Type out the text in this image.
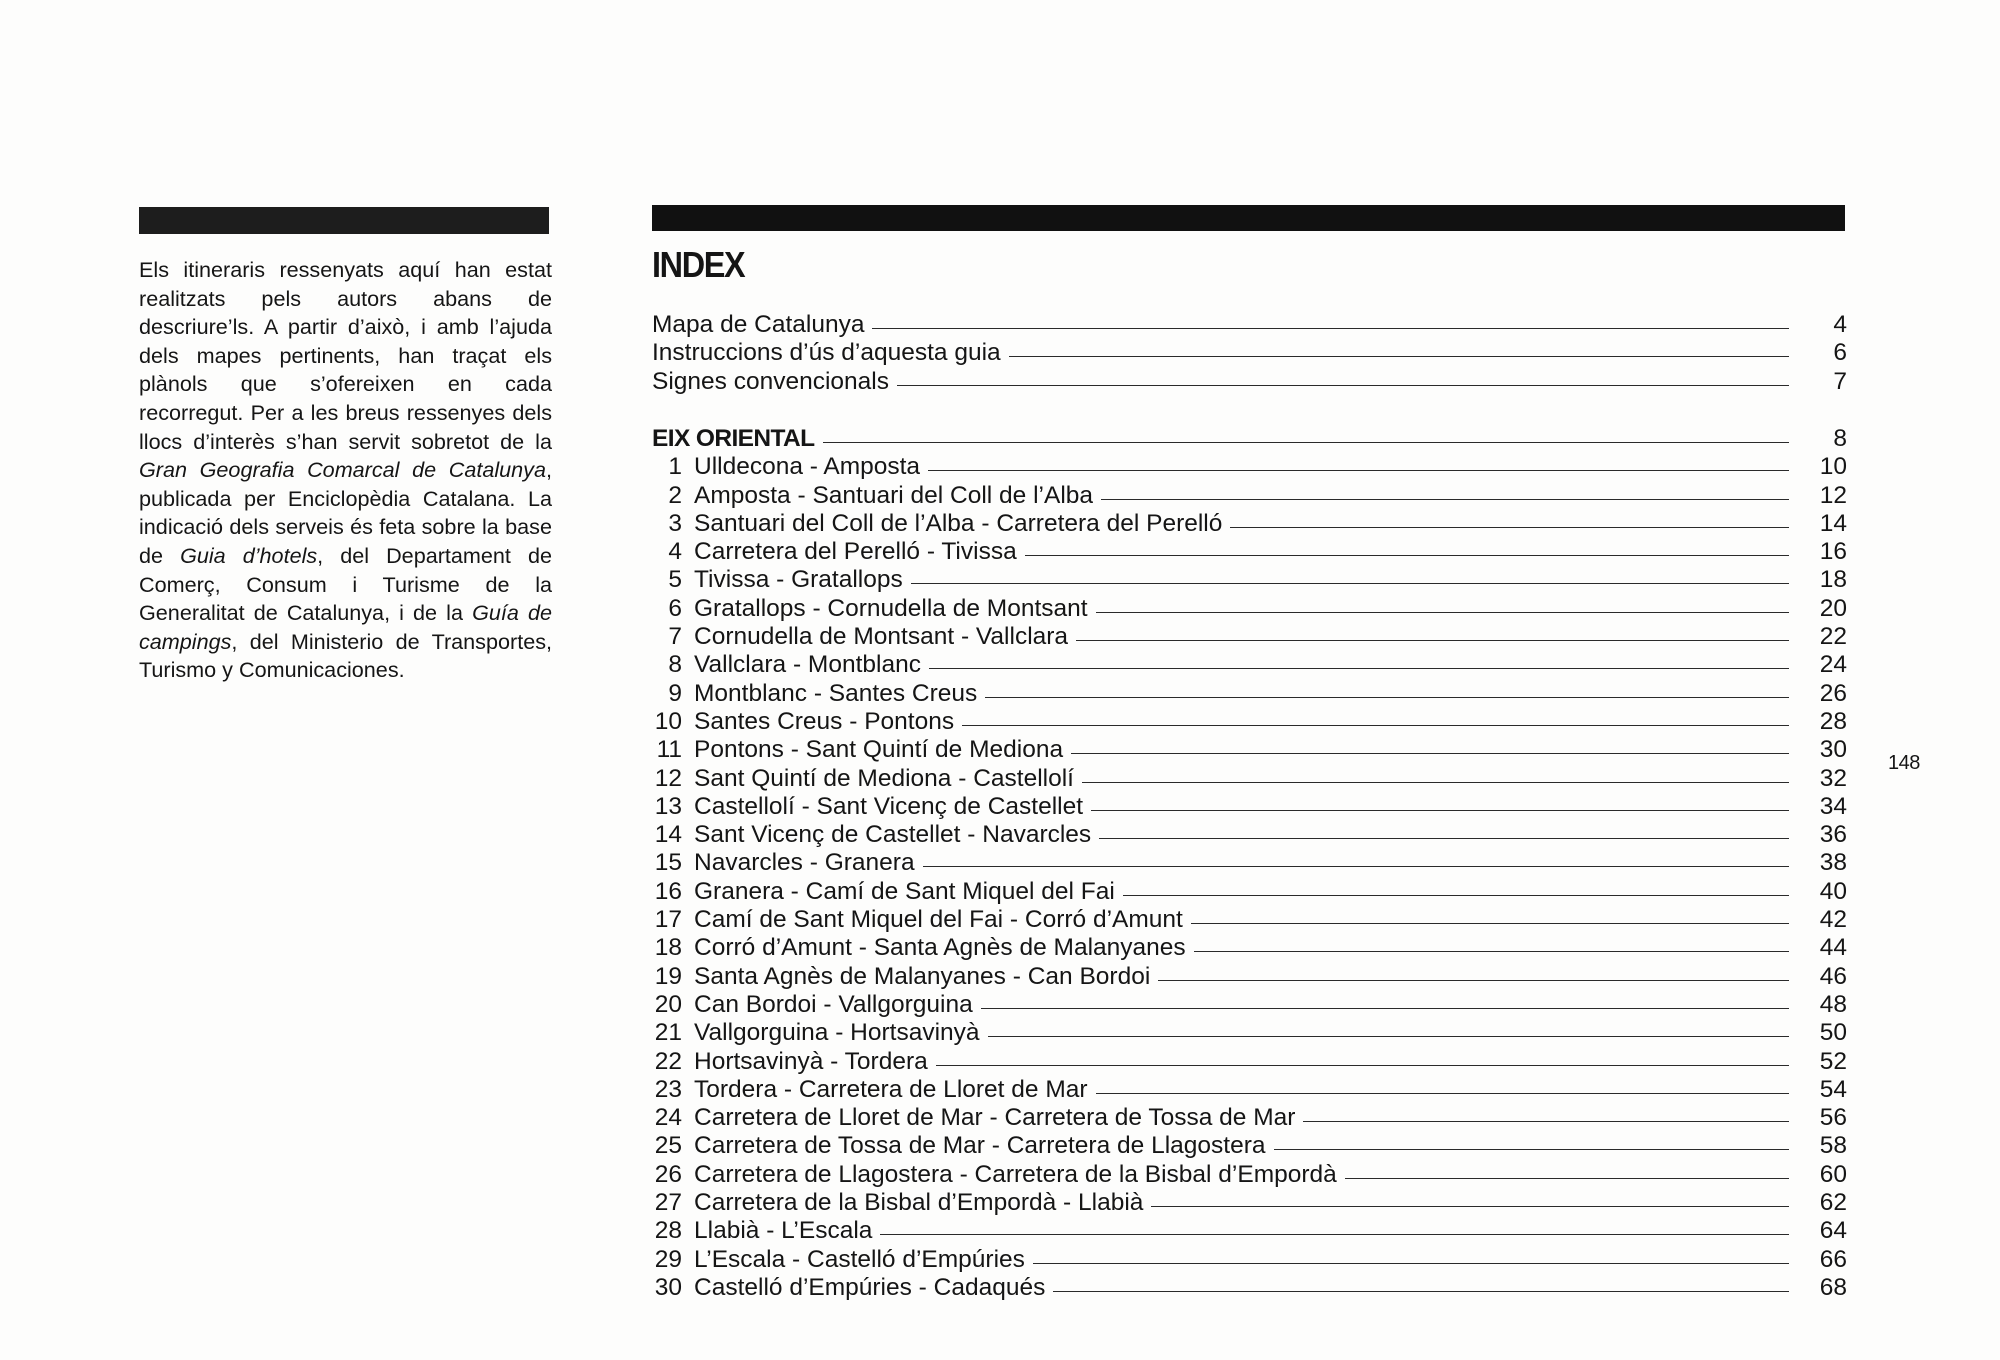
Els itineraris ressenyats aquí han estat realitzats pels autors abans de descriure’ls. A partir d’això, i amb l’ajuda dels mapes pertinents, han traçat els plànols que s’ofereixen en cada recorregut. Per a les breus ressenyes dels llocs d’interès s’han servit sobretot de la Gran Geografia Comarcal de Catalunya, publicada per Enciclopèdia Catalana. La indicació dels serveis és feta sobre la base de Guia d’hotels, del Departament de Comerç, Consum i Turisme de la Generalitat de Catalunya, i de la Guía de campings, del Ministerio de Transportes, Turismo y Comunicaciones.

INDEX
Mapa de Catalunya	4
Instruccions d’ús d’aquesta guia	6
Signes convencionals	7
EIX ORIENTAL	8
1 Ulldecona - Amposta	10
2 Amposta - Santuari del Coll de l’Alba	12
3 Santuari del Coll de l’Alba - Carretera del Perelló	14
4 Carretera del Perelló - Tivissa	16
5 Tivissa - Gratallops	18
6 Gratallops - Cornudella de Montsant	20
7 Cornudella de Montsant - Vallclara	22
8 Vallclara - Montblanc	24
9 Montblanc - Santes Creus	26
10 Santes Creus - Pontons	28
11 Pontons - Sant Quintí de Mediona	30
12 Sant Quintí de Mediona - Castellolí	32
13 Castellolí - Sant Vicenç de Castellet	34
14 Sant Vicenç de Castellet - Navarcles	36
15 Navarcles - Granera	38
16 Granera - Camí de Sant Miquel del Fai	40
17 Camí de Sant Miquel del Fai - Corró d’Amunt	42
18 Corró d’Amunt - Santa Agnès de Malanyanes	44
19 Santa Agnès de Malanyanes - Can Bordoi	46
20 Can Bordoi - Vallgorguina	48
21 Vallgorguina - Hortsavinyà	50
22 Hortsavinyà - Tordera	52
23 Tordera - Carretera de Lloret de Mar	54
24 Carretera de Lloret de Mar - Carretera de Tossa de Mar	56
25 Carretera de Tossa de Mar - Carretera de Llagostera	58
26 Carretera de Llagostera - Carretera de la Bisbal d’Empordà	60
27 Carretera de la Bisbal d’Empordà - Llabià	62
28 Llabià - L’Escala	64
29 L’Escala - Castelló d’Empúries	66
30 Castelló d’Empúries - Cadaqués	68
148
